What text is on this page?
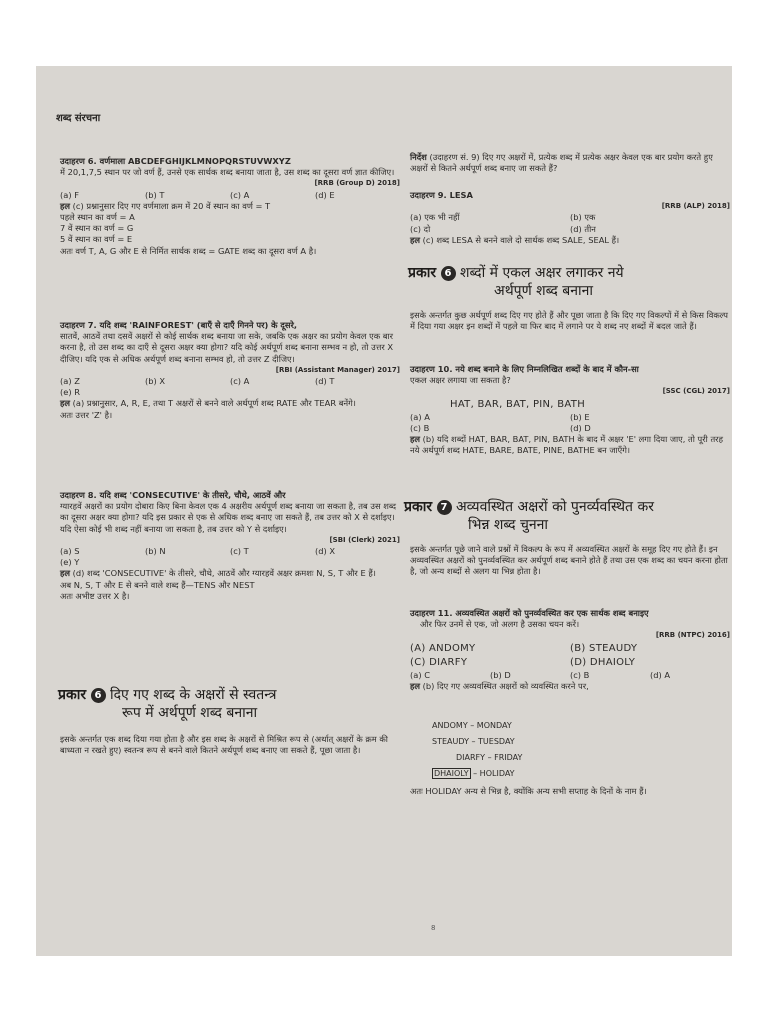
शब्द संरचना

उदाहरण 6. वर्णमाला ABCDEFGHIJKLMNOPQRSTUVWXYZ

में 20,1,7,5 स्थान पर जो वर्ण हैं, उनसे एक सार्थक शब्द बनाया जाता है, उस शब्द का दूसरा वर्ण ज्ञात कीजिए।

[RRB (Group D) 2018]

(a) F	(b) T	(c) A	(d) E

हल (c) प्रश्नानुसार दिए गए वर्णमाला क्रम में 20 वें स्थान का वर्ण = T

पहले स्थान का वर्ण = A

7 वें स्थान का वर्ण = G

5 वें स्थान का वर्ण = E

अतः वर्ण T, A, G और E से निर्मित सार्थक शब्द = GATE शब्द का दूसरा वर्ण A है।

उदाहरण 7. यदि शब्द 'RAINFOREST' (बाएँ से दाएँ गिनने पर) के दूसरे,

सातवें, आठवें तथा दसवें अक्षरों से कोई सार्थक शब्द बनाया जा सके, जबकि एक अक्षर का प्रयोग केवल एक बार करना है, तो उस शब्द का दाएँ से दूसरा अक्षर क्या होगा? यदि कोई अर्थपूर्ण शब्द बनाना सम्भव न हो, तो उत्तर X दीजिए। यदि एक से अधिक अर्थपूर्ण शब्द बनाना सम्भव हो, तो उत्तर Z दीजिए।

[RBI (Assistant Manager) 2017]

(a) Z	(b) X	(c) A	(d) T
(e) R

हल (a) प्रश्नानुसार, A, R, E, तथा T अक्षरों से बनने वाले अर्थपूर्ण शब्द RATE और TEAR बनेंगे।

अतः उत्तर 'Z' है।

उदाहरण 8. यदि शब्द 'CONSECUTIVE' के तीसरे, चौथे, आठवें और

ग्यारहवें अक्षरों का प्रयोग दोबारा किए बिना केवल एक 4 अक्षरीय अर्थपूर्ण शब्द बनाया जा सकता है, तब उस शब्द का दूसरा अक्षर क्या होगा? यदि इस प्रकार से एक से अधिक शब्द बनाए जा सकते हैं, तब उत्तर को X से दर्शाइए। यदि ऐसा कोई भी शब्द नहीं बनाया जा सकता है, तब उत्तर को Y से दर्शाइए।

[SBI (Clerk) 2021]

(a) S	(b) N	(c) T	(d) X
(e) Y

हल (d) शब्द 'CONSECUTIVE' के तीसरे, चौथे, आठवें और ग्यारहवें अक्षर क्रमशः N, S, T और E हैं।

अब N, S, T और E से बनने वाले शब्द हैं—TENS और NEST

अतः अभीष्ट उत्तर X है।

प्रकार 6 दिए गए शब्द के अक्षरों से स्वतन्त्र
रूप में अर्थपूर्ण शब्द बनाना

इसके अन्तर्गत एक शब्द दिया गया होता है और इस शब्द के अक्षरों से मिश्रित रूप से (अर्थात् अक्षरों के क्रम की बाध्यता न रखते हुए) स्वतन्त्र रूप से बनने वाले कितने अर्थपूर्ण शब्द बनाए जा सकते हैं, पूछा जाता है।

निर्देश (उदाहरण सं. 9) दिए गए अक्षरों में, प्रत्येक शब्द में प्रत्येक अक्षर केवल एक बार प्रयोग करते हुए अक्षरों से कितने अर्थपूर्ण शब्द बनाए जा सकते हैं?

उदाहरण 9. LESA

[RRB (ALP) 2018]

(a) एक भी नहीं	(b) एक
(c) दो	(d) तीन

हल (c) शब्द LESA से बनने वाले दो सार्थक शब्द SALE, SEAL हैं।

प्रकार 6 शब्दों में एकल अक्षर लगाकर नये
अर्थपूर्ण शब्द बनाना

इसके अन्तर्गत कुछ अर्थपूर्ण शब्द दिए गए होते हैं और पूछा जाता है कि दिए गए विकल्पों में से किस विकल्प में दिया गया अक्षर इन शब्दों में पहले या फिर बाद में लगाने पर ये शब्द नए शब्दों में बदल जाते हैं।

उदाहरण 10. नये शब्द बनाने के लिए निम्नलिखित शब्दों के बाद में कौन-सा

एकल अक्षर लगाया जा सकता है?

[SSC (CGL) 2017]

HAT, BAR, BAT, PIN, BATH

(a) A	(b) E
(c) B	(d) D

हल (b) यदि शब्दों HAT, BAR, BAT, PIN, BATH के बाद में अक्षर 'E' लगा दिया जाए, तो पूरी तरह नये अर्थपूर्ण शब्द HATE, BARE, BATE, PINE, BATHE बन जाएँगे।

प्रकार 7 अव्यवस्थित अक्षरों को पुनर्व्यवस्थित कर
भिन्न शब्द चुनना

इसके अन्तर्गत पूछे जाने वाले प्रश्नों में विकल्प के रूप में अव्यवस्थित अक्षरों के समूह दिए गए होते हैं। इन अव्यवस्थित अक्षरों को पुनर्व्यवस्थित कर अर्थपूर्ण शब्द बनाने होते हैं तथा उस एक शब्द का चयन करना होता है, जो अन्य शब्दों से अलग या भिन्न होता है।

उदाहरण 11. अव्यवस्थित अक्षरों को पुनर्व्यवस्थित कर एक सार्थक शब्द बनाइए

और फिर उनमें से एक, जो अलग है उसका चयन करें।

[RRB (NTPC) 2016]

(A) ANDOMY	(B) STEAUDY
(C) DIARFY	(D) DHAIOLY
(a) C	(b) D	(c) B	(d) A

हल (b) दिए गए अव्यवस्थित अक्षरों को व्यवस्थित करने पर,

ANDOMY – MONDAY
STEAUDY – TUESDAY
DIARFY – FRIDAY
DHAIOLY – HOLIDAY

अतः HOLIDAY अन्य से भिन्न है, क्योंकि अन्य सभी सप्ताह के दिनों के नाम हैं।

8
